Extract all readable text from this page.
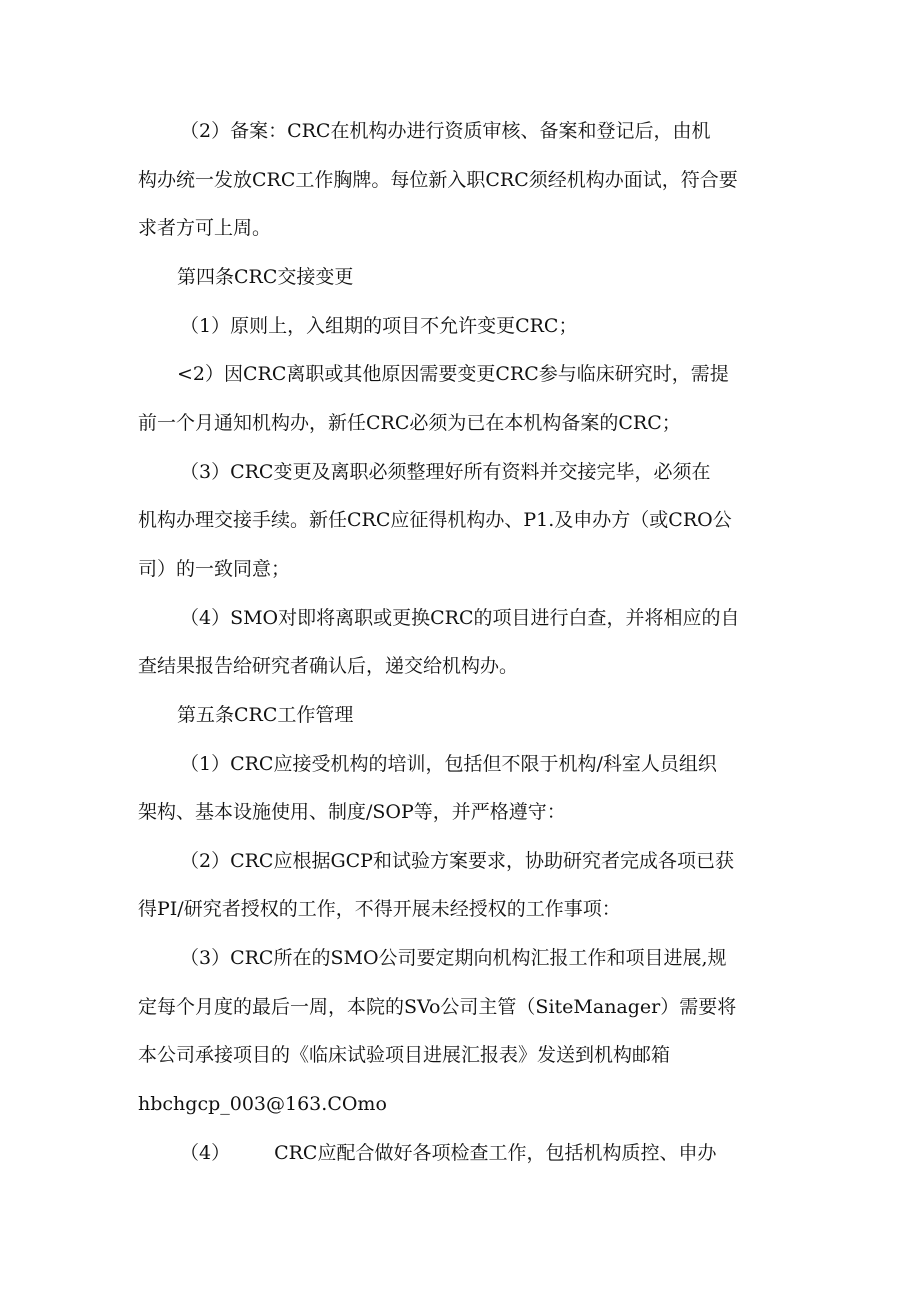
（2）备案：CRC在机构办进行资质审核、备案和登记后，由机
构办统一发放CRC工作胸牌。每位新入职CRC须经机构办面试，符合要
求者方可上周。
第四条CRC交接变更
（1）原则上，入组期的项目不允许变更CRC；
<2）因CRC离职或其他原因需要变更CRC参与临床研究时，需提
前一个月通知机构办，新任CRC必须为已在本机构备案的CRC；
（3）CRC变更及离职必须整理好所有资料并交接完毕，必须在
机构办理交接手续。新任CRC应征得机构办、P1.及申办方（或CRO公
司）的一致同意；
（4）SMO对即将离职或更换CRC的项目进行白查，并将相应的自
查结果报告给研究者确认后，递交给机构办。
第五条CRC工作管理
（1）CRC应接受机构的培训，包括但不限于机构/科室人员组织
架构、基本设施使用、制度/SOP等，并严格遵守：
（2）CRC应根据GCP和试验方案要求，协助研究者完成各项已获
得PI/研究者授权的工作，不得开展未经授权的工作事项：
（3）CRC所在的SMO公司要定期向机构汇报工作和项目进展,规
定每个月度的最后一周，本院的SVo公司主管（SiteManager）需要将
本公司承接项目的《临床试验项目进展汇报表》发送到机构邮箱
hbchgcp_003@163.COmo
（4） CRC应配合做好各项检查工作，包括机构质控、申办
